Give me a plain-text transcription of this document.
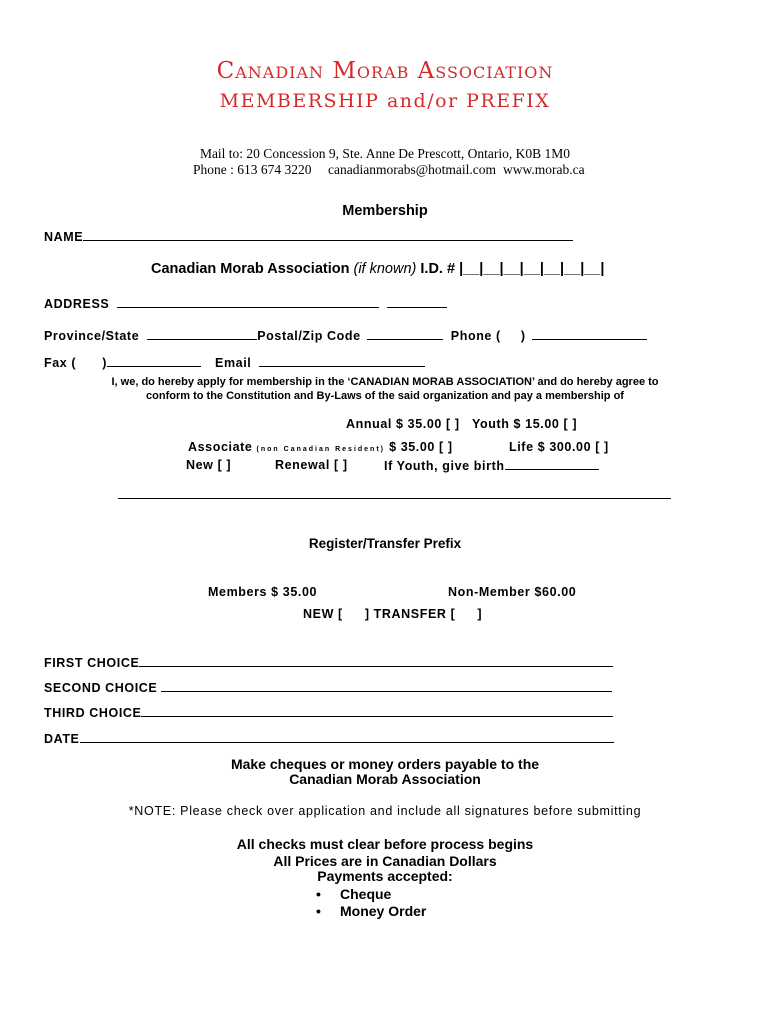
Canadian Morab Association
MEMBERSHIP and/or PREFIX
Mail to: 20 Concession 9, Ste. Anne De Prescott, Ontario, K0B 1M0
Phone : 613 674 3220 canadianmorabs@hotmail.com www.morab.ca
Membership
NAME
Canadian Morab Association (if known) I.D. # |__|__|__|__|__|__|__|
ADDRESS
Province/State	Postal/Zip Code	Phone ( )
Fax ( )	Email
I, we, do hereby apply for membership in the ‘CANADIAN MORAB ASSOCIATION’ and do hereby agree to
conform to the Constitution and By-Laws of the said organization and pay a membership of
Annual $ 35.00 [ ] Youth $ 15.00 [ ]
Associate (non Canadian Resident) $ 35.00 [ ]	Life $ 300.00 [ ]
New [ ]	Renewal [ ]	If Youth, give birth
Register/Transfer Prefix
Members $ 35.00	Non-Member $60.00
NEW [ ] TRANSFER [ ]
FIRST CHOICE
SECOND CHOICE
THIRD CHOICE
DATE
Make cheques or money orders payable to the
Canadian Morab Association
*NOTE: Please check over application and include all signatures before submitting
All checks must clear before process begins
All Prices are in Canadian Dollars
Payments accepted:
• Cheque
• Money Order
